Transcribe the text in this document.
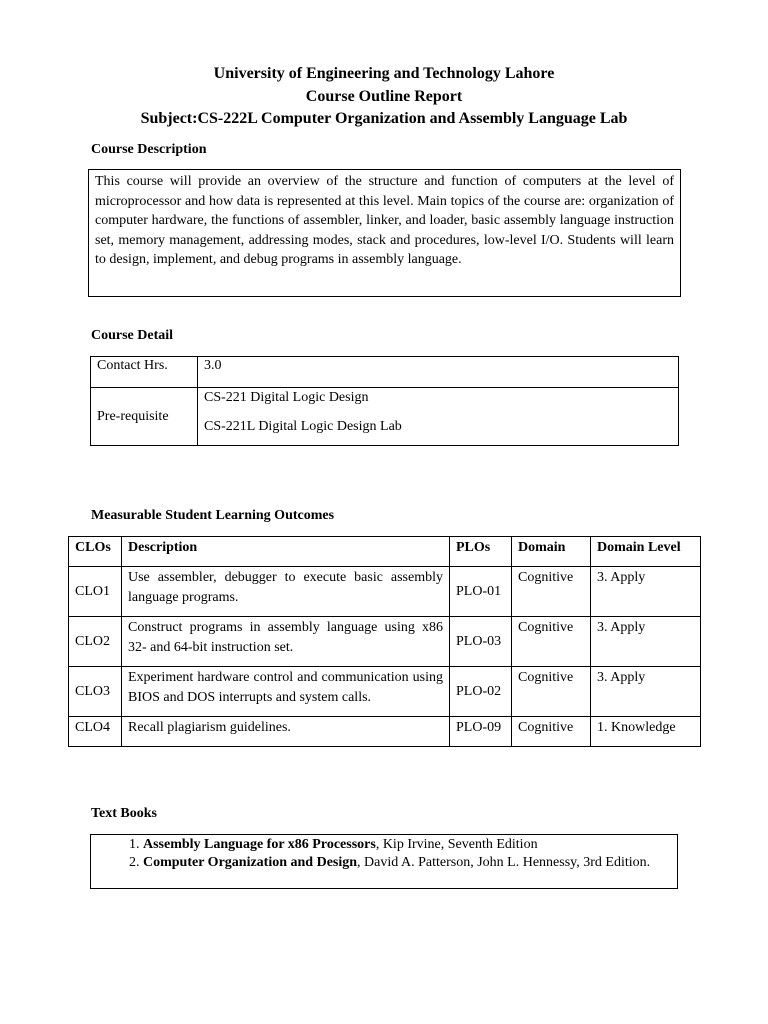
University of Engineering and Technology Lahore
Course Outline Report
Subject:CS-222L Computer Organization and Assembly Language Lab
Course Description
This course will provide an overview of the structure and function of computers at the level of microprocessor and how data is represented at this level. Main topics of the course are: organization of computer hardware, the functions of assembler, linker, and loader, basic assembly language instruction set, memory management, addressing modes, stack and procedures, low-level I/O. Students will learn to design, implement, and debug programs in assembly language.
Course Detail
Contact Hrs.	3.0
Pre-requisite	CS-221 Digital Logic Design
CS-221L Digital Logic Design Lab
Measurable Student Learning Outcomes
CLOs	Description	PLOs	Domain	Domain Level
CLO1	Use assembler, debugger to execute basic assembly language programs.	PLO-01	Cognitive	3. Apply
CLO2	Construct programs in assembly language using x86 32- and 64-bit instruction set.	PLO-03	Cognitive	3. Apply
CLO3	Experiment hardware control and communication using BIOS and DOS interrupts and system calls.	PLO-02	Cognitive	3. Apply
CLO4	Recall plagiarism guidelines.	PLO-09	Cognitive	1. Knowledge
Text Books
1. Assembly Language for x86 Processors, Kip Irvine, Seventh Edition
2. Computer Organization and Design, David A. Patterson, John L. Hennessy, 3rd Edition.
